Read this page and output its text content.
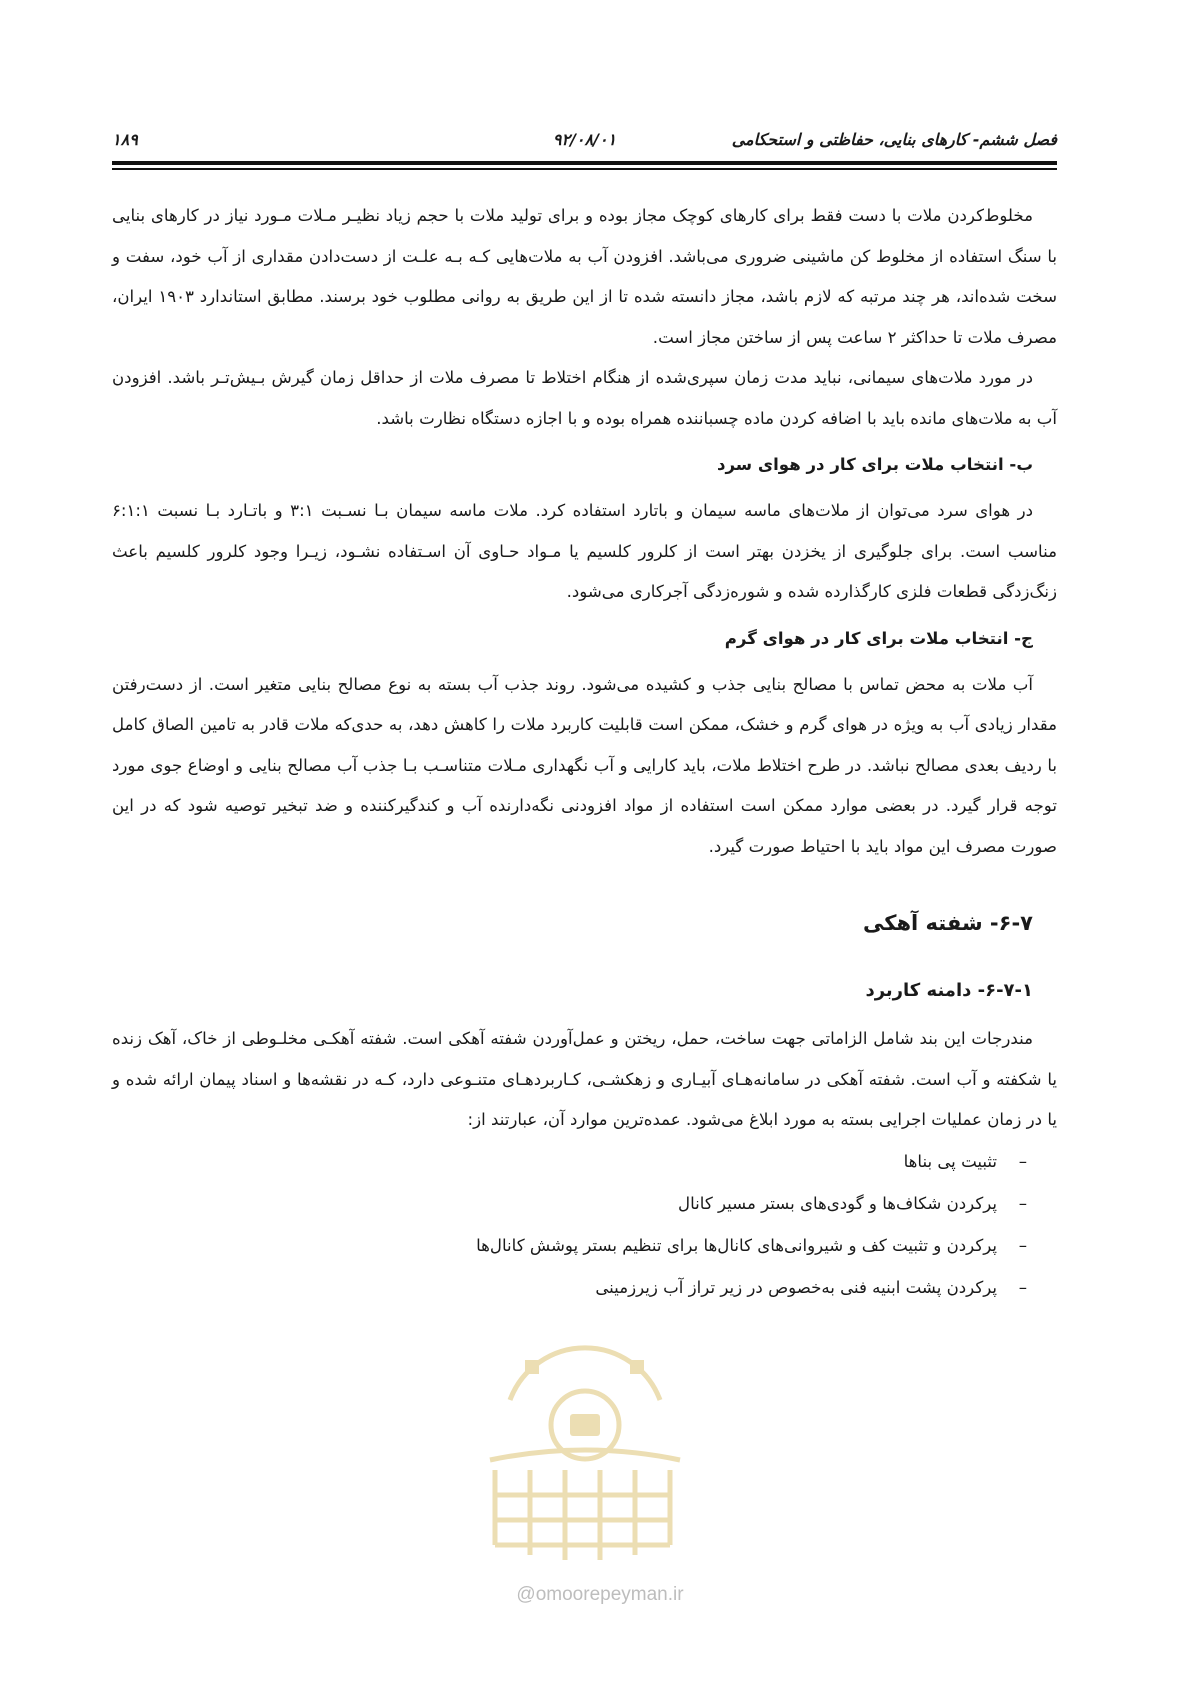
فصل ششم- کارهای بنایی، حفاظتی و استحکامی
۹۲/۰۸/۰۱
۱۸۹

مخلوط‌کردن ملات با دست فقط برای کارهای کوچک مجاز بوده و برای تولید ملات با حجم زیاد نظیـر مـلات مـورد نیاز در کارهای بنایی با سنگ استفاده از مخلوط کن ماشینی ضروری می‌باشد. افزودن آب به ملات‌هایی کـه بـه علـت از دست‌دادن مقداری از آب خود، سفت و سخت شده‌اند، هر چند مرتبه که لازم باشد، مجاز دانسته شده تا از این طریق به روانی مطلوب خود برسند. مطابق استاندارد ۱۹۰۳ ایران، مصرف ملات تا حداکثر ۲ ساعت پس از ساختن مجاز است.

در مورد ملات‌های سیمانی، نباید مدت زمان سپری‌شده از هنگام اختلاط تا مصرف ملات از حداقل زمان گیرش بـیش‌تـر باشد. افزودن آب به ملات‌های مانده باید با اضافه کردن ماده چسباننده همراه بوده و با اجازه دستگاه نظارت باشد.

ب- انتخاب ملات برای کار در هوای سرد

در هوای سرد می‌توان از ملات‌های ماسه سیمان و باتارد استفاده کرد. ملات ماسه سیمان بـا نسـبت ۳:۱ و باتـارد بـا نسبت ۶:۱:۱ مناسب است. برای جلوگیری از یخزدن بهتر است از کلرور کلسیم یا مـواد حـاوی آن اسـتفاده نشـود، زیـرا وجود کلرور کلسیم باعث زنگ‌زدگی قطعات فلزی کارگذارده شده و شوره‌زدگی آجرکاری می‌شود.

ج- انتخاب ملات برای کار در هوای گرم

آب ملات به محض تماس با مصالح بنایی جذب و کشیده می‌شود. روند جذب آب بسته به نوع مصالح بنایی متغیر است. از دست‌رفتن مقدار زیادی آب به ویژه در هوای گرم و خشک، ممکن است قابلیت کاربرد ملات را کاهش دهد، به حدی‌که ملات قادر به تامین الصاق کامل با ردیف بعدی مصالح نباشد. در طرح اختلاط ملات، باید کارایی و آب نگهداری مـلات متناسـب بـا جذب آب مصالح بنایی و اوضاع جوی مورد توجه قرار گیرد. در بعضی موارد ممکن است استفاده از مواد افزودنی نگه‌دارنده آب و کندگیرکننده و ضد تبخیر توصیه شود که در این صورت مصرف این مواد باید با احتیاط صورت گیرد.

۶-۷- شفته آهکی

۶-۷-۱- دامنه کاربرد

مندرجات این بند شامل الزاماتی جهت ساخت، حمل، ریختن و عمل‌آوردن شفته آهکی است. شفته آهکـی مخلـوطی از خاک، آهک زنده یا شکفته و آب است. شفته آهکی در سامانه‌هـای آبیـاری و زهکشـی، کـاربردهـای متنـوعی دارد، کـه در نقشه‌ها و اسناد پیمان ارائه شده و یا در زمان عملیات اجرایی بسته به مورد ابلاغ می‌شود. عمده‌ترین موارد آن، عبارتند از:

–
تثبیت پی بناها
–
پرکردن شکاف‌ها و گودی‌های بستر مسیر کانال
–
پرکردن و تثبیت کف و شیروانی‌های کانال‌ها برای تنظیم بستر پوشش کانال‌ها
–
پرکردن پشت ابنیه فنی به‌خصوص در زیر تراز آب زیرزمینی
@omoorepeyman.ir
